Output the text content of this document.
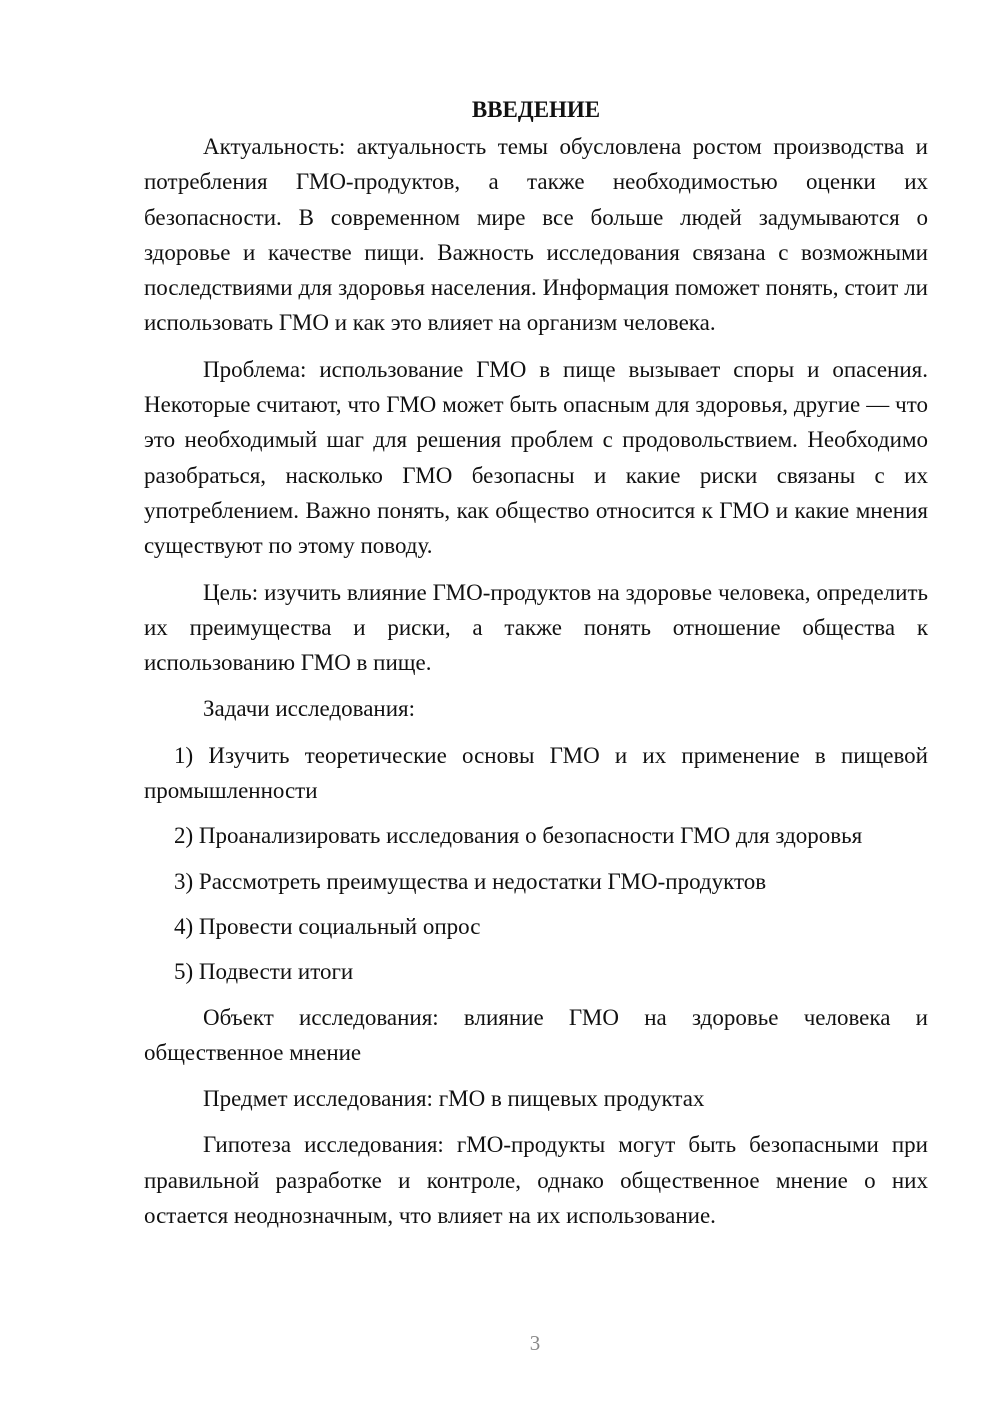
ВВЕДЕНИЕ

Актуальность: актуальность темы обусловлена ростом производства и потребления ГМО-продуктов, а также необходимостью оценки их безопасности. В современном мире все больше людей задумываются о здоровье и качестве пищи. Важность исследования связана с возможными последствиями для здоровья населения. Информация поможет понять, стоит ли использовать ГМО и как это влияет на организм человека.

Проблема: использование ГМО в пище вызывает споры и опасения. Некоторые считают, что ГМО может быть опасным для здоровья, другие — что это необходимый шаг для решения проблем с продовольствием. Необходимо разобраться, насколько ГМО безопасны и какие риски связаны с их употреблением. Важно понять, как общество относится к ГМО и какие мнения существуют по этому поводу.

Цель: изучить влияние ГМО-продуктов на здоровье человека, определить их преимущества и риски, а также понять отношение общества к использованию ГМО в пище.

Задачи исследования:

1) Изучить теоретические основы ГМО и их применение в пищевой промышленности

2) Проанализировать исследования о безопасности ГМО для здоровья

3) Рассмотреть преимущества и недостатки ГМО-продуктов

4) Провести социальный опрос

5) Подвести итоги

Объект исследования: влияние ГМО на здоровье человека и общественное мнение

Предмет исследования: гМО в пищевых продуктах

Гипотеза исследования: гМО-продукты могут быть безопасными при правильной разработке и контроле, однако общественное мнение о них остается неоднозначным, что влияет на их использование.

3
